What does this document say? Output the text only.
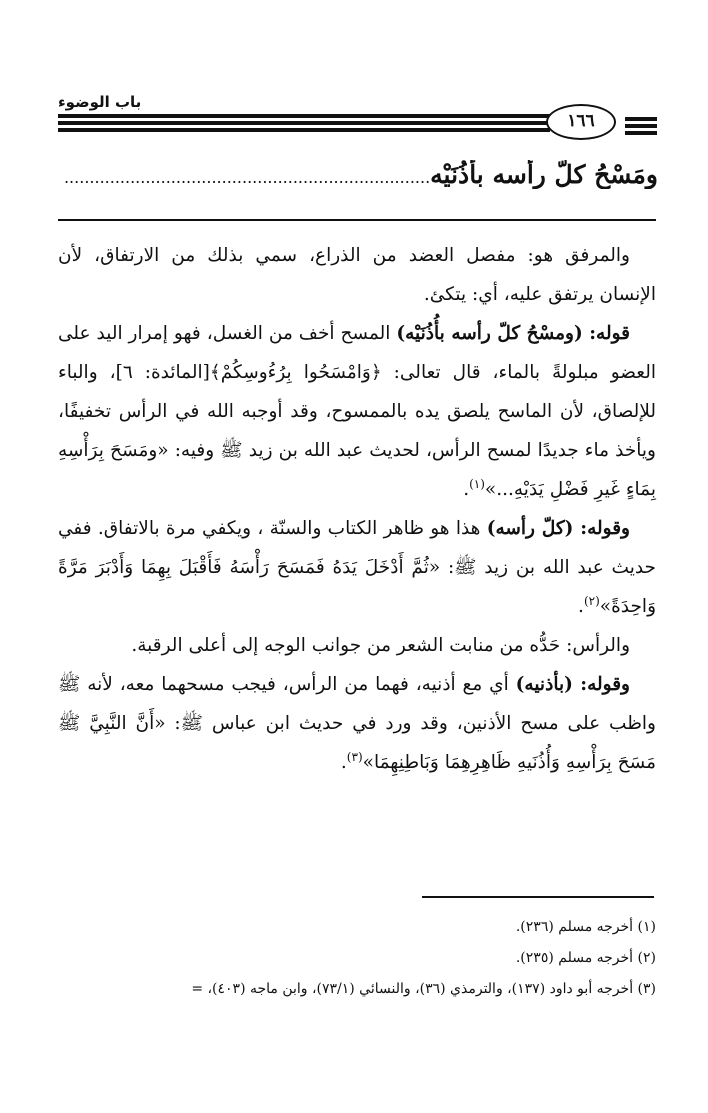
باب الوضوء
١٦٦
ومَسْحُ كلّ رأسه بأُذُنَيْه........................................................................

والمرفق هو: مفصل العضد من الذراع، سمي بذلك من الارتفاق، لأن الإنسان يرتفق عليه، أي: يتكئ.

قوله: (ومسْحُ كلّ رأسه بأُذُنَيْه) المسح أخف من الغسل، فهو إمرار اليد على العضو مبلولةً بالماء، قال تعالى: ﴿وَامْسَحُوا بِرُءُوسِكُمْ﴾[المائدة: ٦]، والباء للإلصاق، لأن الماسح يلصق يده بالممسوح، وقد أوجبه الله في الرأس تخفيفًا، ويأخذ ماء جديدًا لمسح الرأس، لحديث عبد الله بن زيد ﷺ وفيه: «ومَسَحَ بِرَأْسِهِ بِمَاءٍ غَيرِ فَضْلِ يَدَيْهِ...»$^{(١)}$.

وقوله: (كلّ رأسه) هذا هو ظاهر الكتاب والسنّة ، ويكفي مرة بالاتفاق. ففي حديث عبد الله بن زيد ﷺ: «ثُمَّ أَدْخَلَ يَدَهُ فَمَسَحَ رَأْسَهُ فَأَقْبَلَ بِهِمَا وَأَدْبَرَ مَرَّةً وَاحِدَةً»$^{(٢)}$.

والرأس: حَدُّه من منابت الشعر من جوانب الوجه إلى أعلى الرقبة.

وقوله: (بأذنيه) أي مع أذنيه، فهما من الرأس، فيجب مسحهما معه، لأنه ﷺ واظب على مسح الأذنين، وقد ورد في حديث ابن عباس ﷺ: «أَنَّ النَّبِيَّ ﷺ مَسَحَ بِرَأْسِهِ وَأُذُنَيهِ ظَاهِرِهِمَا وَبَاطِنِهِمَا»$^{(٣)}$.

(١) أخرجه مسلم (٢٣٦).
(٢) أخرجه مسلم (٢٣٥).
(٣) أخرجه أبو داود (١٣٧)، والترمذي (٣٦)، والنسائي (٧٣/١)، وابن ماجه (٤٠٣)، =
